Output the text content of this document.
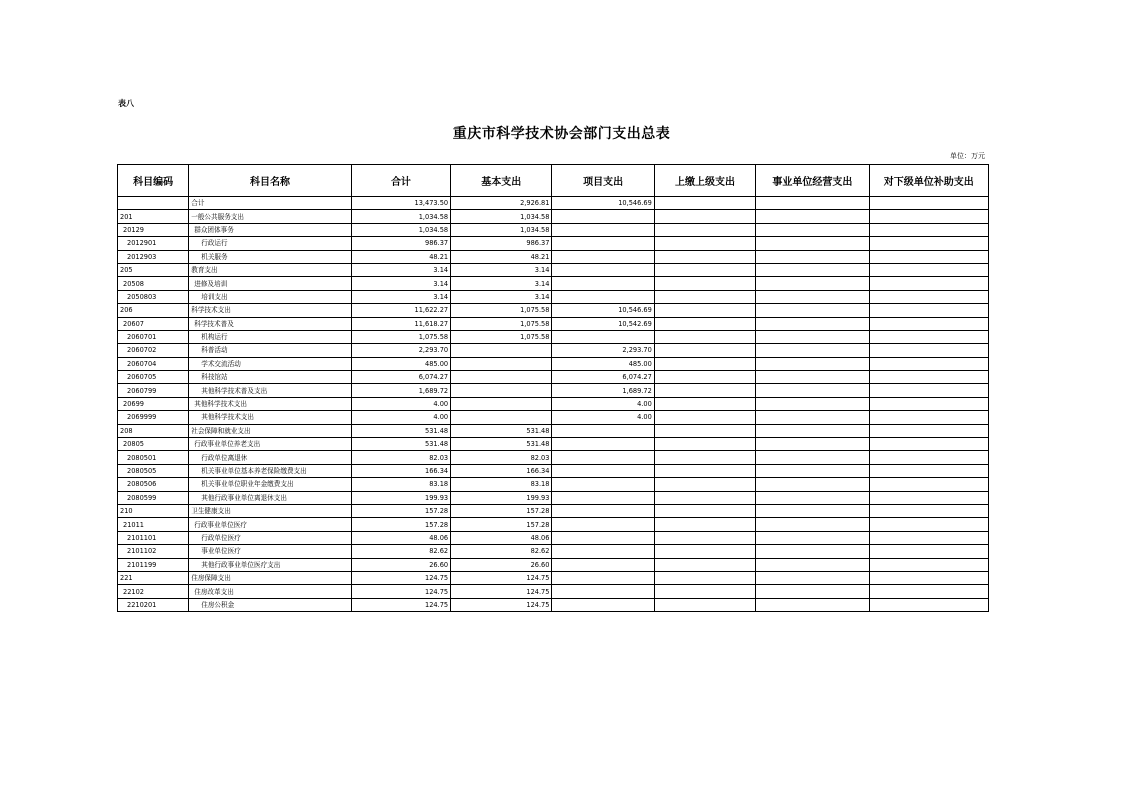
表八
重庆市科学技术协会部门支出总表
单位：万元
科目编码	科目名称	合计	基本支出	项目支出	上缴上级支出	事业单位经营支出	对下级单位补助支出
	合计	13,473.50	2,926.81	10,546.69			
201	一般公共服务支出	1,034.58	1,034.58				
20129	群众团体事务	1,034.58	1,034.58				
2012901	行政运行	986.37	986.37				
2012903	机关服务	48.21	48.21				
205	教育支出	3.14	3.14				
20508	进修及培训	3.14	3.14				
2050803	培训支出	3.14	3.14				
206	科学技术支出	11,622.27	1,075.58	10,546.69			
20607	科学技术普及	11,618.27	1,075.58	10,542.69			
2060701	机构运行	1,075.58	1,075.58				
2060702	科普活动	2,293.70		2,293.70			
2060704	学术交流活动	485.00		485.00			
2060705	科技馆站	6,074.27		6,074.27			
2060799	其他科学技术普及支出	1,689.72		1,689.72			
20699	其他科学技术支出	4.00		4.00			
2069999	其他科学技术支出	4.00		4.00			
208	社会保障和就业支出	531.48	531.48				
20805	行政事业单位养老支出	531.48	531.48				
2080501	行政单位离退休	82.03	82.03				
2080505	机关事业单位基本养老保险缴费支出	166.34	166.34				
2080506	机关事业单位职业年金缴费支出	83.18	83.18				
2080599	其他行政事业单位离退休支出	199.93	199.93				
210	卫生健康支出	157.28	157.28				
21011	行政事业单位医疗	157.28	157.28				
2101101	行政单位医疗	48.06	48.06				
2101102	事业单位医疗	82.62	82.62				
2101199	其他行政事业单位医疗支出	26.60	26.60				
221	住房保障支出	124.75	124.75				
22102	住房改革支出	124.75	124.75				
2210201	住房公积金	124.75	124.75				
